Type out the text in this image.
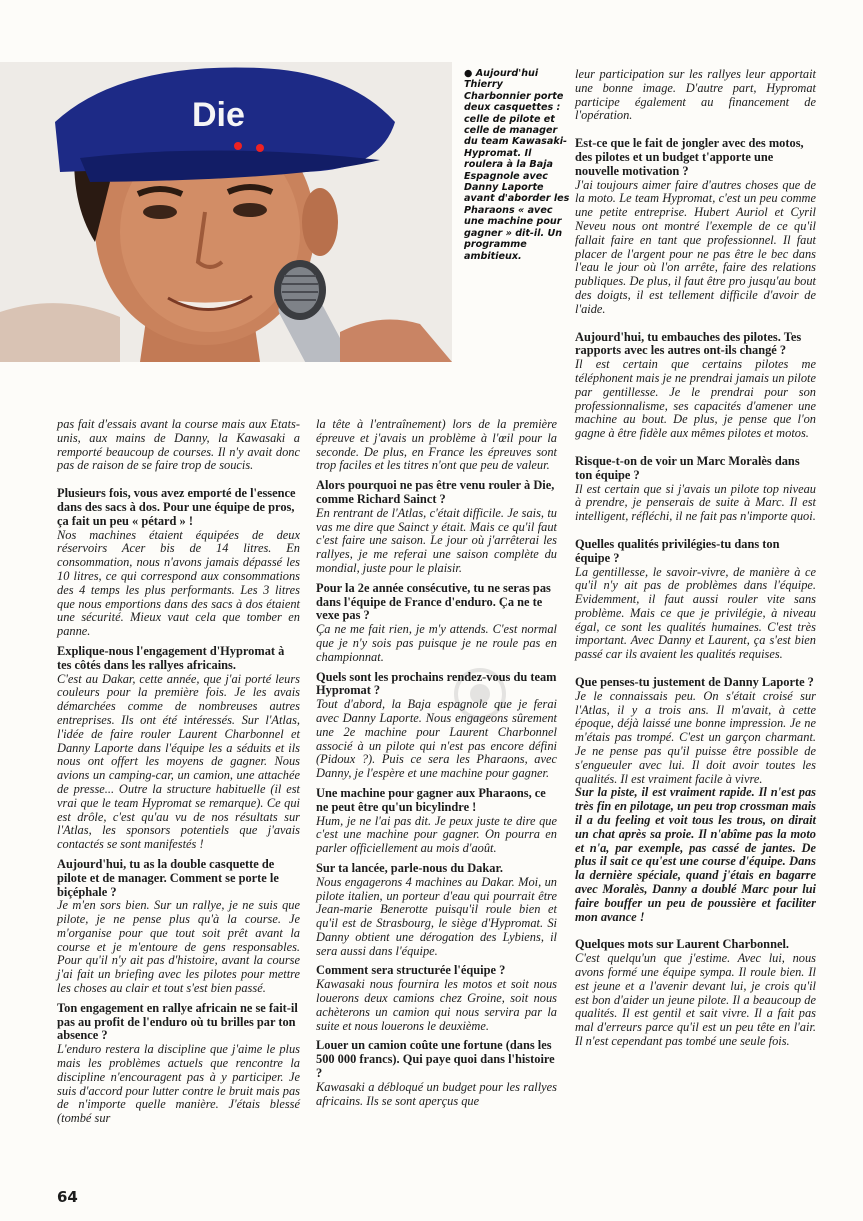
Die
● Aujourd'hui Thierry Charbonnier porte deux casquettes : celle de pilote et celle de manager du team Kawasaki-Hypromat. Il roulera à la Baja Espagnole avec Danny Laporte avant d'aborder les Pharaons « avec une machine pour gagner » dit-il. Un programme ambitieux.

pas fait d'essais avant la course mais aux Etats-unis, aux mains de Danny, la Kawasaki a remporté beaucoup de courses. Il n'y avait donc pas de raison de se faire trop de soucis.

Plusieurs fois, vous avez emporté de l'essence dans des sacs à dos. Pour une équipe de pros, ça fait un peu « pétard » !

Nos machines étaient équipées de deux réservoirs Acer bis de 14 litres. En consommation, nous n'avons jamais dépassé les 10 litres, ce qui correspond aux consommations des 4 temps les plus performants. Les 3 litres que nous emportions dans des sacs à dos étaient une sécurité. Mieux vaut cela que tomber en panne.

Explique-nous l'engagement d'Hypromat à tes côtés dans les rallyes africains.

C'est au Dakar, cette année, que j'ai porté leurs couleurs pour la première fois. Je les avais démarchées comme de nombreuses autres entreprises. Ils ont été intéressés. Sur l'Atlas, l'idée de faire rouler Laurent Charbonnel et Danny Laporte dans l'équipe les a séduits et ils nous ont offert les moyens de gagner. Nous avions un camping-car, un camion, une attachée de presse... Outre la structure habituelle (il est vrai que le team Hypromat se remarque). Ce qui est drôle, c'est qu'au vu de nos résultats sur l'Atlas, les sponsors potentiels que j'avais contactés se sont manifestés !

Aujourd'hui, tu as la double casquette de pilote et de manager. Comment se porte le biçéphale ?

Je m'en sors bien. Sur un rallye, je ne suis que pilote, je ne pense plus qu'à la course. Je m'organise pour que tout soit prêt avant la course et je m'entoure de gens responsables. Pour qu'il n'y ait pas d'histoire, avant la course j'ai fait un briefing avec les pilotes pour mettre les choses au clair et tout s'est bien passé.

Ton engagement en rallye africain ne se fait-il pas au profit de l'enduro où tu brilles par ton absence ?

L'enduro restera la discipline que j'aime le plus mais les problèmes actuels que rencontre la discipline n'encouragent pas à y participer. Je suis d'accord pour lutter contre le bruit mais pas de n'importe quelle manière. J'étais blessé (tombé sur

la tête à l'entraînement) lors de la première épreuve et j'avais un problème à l'œil pour la seconde. De plus, en France les épreuves sont trop faciles et les titres n'ont que peu de valeur.

Alors pourquoi ne pas être venu rouler à Die, comme Richard Sainct ?

En rentrant de l'Atlas, c'était difficile. Je sais, tu vas me dire que Sainct y était. Mais ce qu'il faut c'est faire une saison. Le jour où j'arrêterai les rallyes, je me referai une saison complète du mondial, juste pour le plaisir.

Pour la 2e année consécutive, tu ne seras pas dans l'équipe de France d'enduro. Ça ne te vexe pas ?

Ça ne me fait rien, je m'y attends. C'est normal que je n'y sois pas puisque je ne roule pas en championnat.

Quels sont les prochains rendez-vous du team Hypromat ?

Tout d'abord, la Baja espagnole que je ferai avec Danny Laporte. Nous engageons sûrement une 2e machine pour Laurent Charbonnel associé à un pilote qui n'est pas encore défini (Pidoux ?). Puis ce sera les Pharaons, avec Danny, je l'espère et une machine pour gagner.

Une machine pour gagner aux Pharaons, ce ne peut être qu'un bicylindre !

Hum, je ne l'ai pas dit. Je peux juste te dire que c'est une machine pour gagner. On pourra en parler officiellement au mois d'août.

Sur ta lancée, parle-nous du Dakar.

Nous engagerons 4 machines au Dakar. Moi, un pilote italien, un porteur d'eau qui pourrait être Jean-marie Benerotte puisqu'il roule bien et qu'il est de Strasbourg, le siège d'Hypromat. Si Danny obtient une dérogation des Lybiens, il sera aussi dans l'équipe.

Comment sera structurée l'équipe ?

Kawasaki nous fournira les motos et soit nous louerons deux camions chez Groine, soit nous achèterons un camion qui nous servira par la suite et nous louerons le deuxième.

Louer un camion coûte une fortune (dans les 500 000 francs). Qui paye quoi dans l'histoire ?

Kawasaki a débloqué un budget pour les rallyes africains. Ils se sont aperçus que

leur participation sur les rallyes leur apportait une bonne image. D'autre part, Hypromat participe également au financement de l'opération.

Est-ce que le fait de jongler avec des motos, des pilotes et un budget t'apporte une nouvelle motivation ?

J'ai toujours aimer faire d'autres choses que de la moto. Le team Hypromat, c'est un peu comme une petite entreprise. Hubert Auriol et Cyril Neveu nous ont montré l'exemple de ce qu'il fallait faire en tant que professionnel. Il faut placer de l'argent pour ne pas être le bec dans l'eau le jour où l'on arrête, faire des relations publiques. De plus, il faut être pro jusqu'au bout des doigts, il est tellement difficile d'avoir de l'aide.

Aujourd'hui, tu embauches des pilotes. Tes rapports avec les autres ont-ils changé ?

Il est certain que certains pilotes me téléphonent mais je ne prendrai jamais un pilote par gentillesse. Je le prendrai pour son professionnalisme, ses capacités d'amener une machine au bout. De plus, je pense que l'on gagne à être fidèle aux mêmes pilotes et motos.

Risque-t-on de voir un Marc Moralès dans ton équipe ?

Il est certain que si j'avais un pilote top niveau à prendre, je penserais de suite à Marc. Il est intelligent, réfléchi, il ne fait pas n'importe quoi.

Quelles qualités privilégies-tu dans ton équipe ?

La gentillesse, le savoir-vivre, de manière à ce qu'il n'y ait pas de problèmes dans l'équipe. Evidemment, il faut aussi rouler vite sans problème. Mais ce que je privilégie, à niveau égal, ce sont les qualités humaines. C'est très important. Avec Danny et Laurent, ça s'est bien passé car ils avaient les qualités requises.

Que penses-tu justement de Danny Laporte ?

Je le connaissais peu. On s'était croisé sur l'Atlas, il y a trois ans. Il m'avait, à cette époque, déjà laissé une bonne impression. Je ne m'étais pas trompé. C'est un garçon charmant. Je ne pense pas qu'il puisse être possible de s'engueuler avec lui. Il doit avoir toutes les qualités. Il est vraiment facile à vivre.

Sur la piste, il est vraiment rapide. Il n'est pas très fin en pilotage, un peu trop crossman mais il a du feeling et voit tous les trous, on dirait un chat après sa proie. Il n'abîme pas la moto et n'a, par exemple, pas cassé de jantes. De plus il sait ce qu'est une course d'équipe. Dans la dernière spéciale, quand j'étais en bagarre avec Moralès, Danny a doublé Marc pour lui faire bouffer un peu de poussière et faciliter mon avance !

Quelques mots sur Laurent Charbonnel.

C'est quelqu'un que j'estime. Avec lui, nous avons formé une équipe sympa. Il roule bien. Il est jeune et a l'avenir devant lui, je crois qu'il est bon d'aider un jeune pilote. Il a beaucoup de qualités. Il est gentil et sait vivre. Il a fait pas mal d'erreurs parce qu'il est un peu tête en l'air. Il n'est cependant pas tombé une seule fois.

64
